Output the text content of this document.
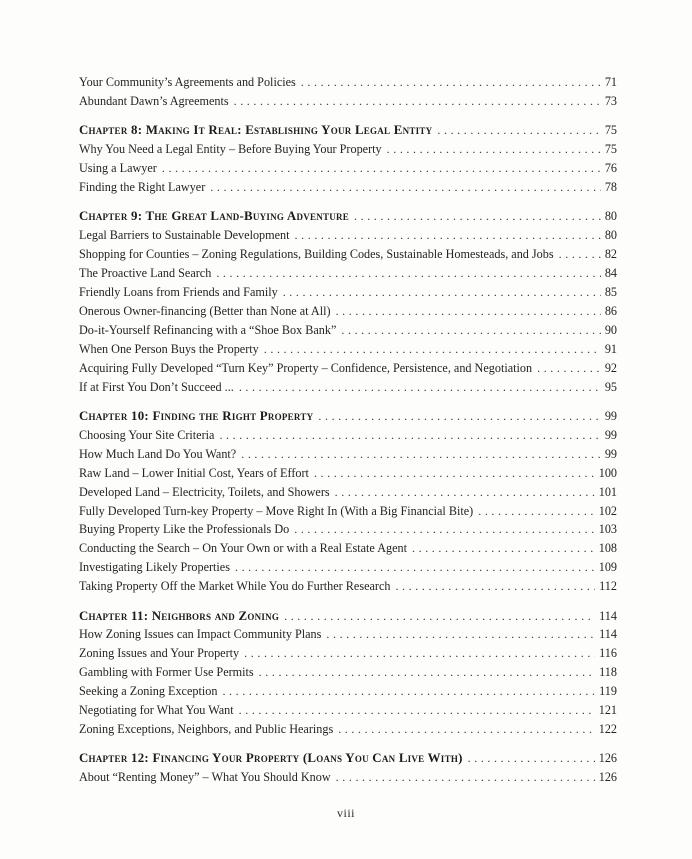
Your Community’s Agreements and Policies .....	71
Abundant Dawn’s Agreements .....	73
Chapter 8: Making It Real: Establishing Your Legal Entity .....	75
Why You Need a Legal Entity – Before Buying Your Property .....	75
Using a Lawyer .....	76
Finding the Right Lawyer .....	78
Chapter 9: The Great Land-Buying Adventure .....	80
Legal Barriers to Sustainable Development .....	80
Shopping for Counties – Zoning Regulations, Building Codes, Sustainable Homesteads, and Jobs .....	82
The Proactive Land Search .....	84
Friendly Loans from Friends and Family .....	85
Onerous Owner-financing (Better than None at All) .....	86
Do-it-Yourself Refinancing with a “Shoe Box Bank” .....	90
When One Person Buys the Property .....	91
Acquiring Fully Developed “Turn Key” Property – Confidence, Persistence, and Negotiation .....	92
If at First You Don’t Succeed ... .....	95
Chapter 10: Finding the Right Property .....	99
Choosing Your Site Criteria .....	99
How Much Land Do You Want? .....	99
Raw Land – Lower Initial Cost, Years of Effort .....	100
Developed Land – Electricity, Toilets, and Showers .....	101
Fully Developed Turn-key Property – Move Right In (With a Big Financial Bite) .....	102
Buying Property Like the Professionals Do .....	103
Conducting the Search – On Your Own or with a Real Estate Agent .....	108
Investigating Likely Properties .....	109
Taking Property Off the Market While You do Further Research .....	112
Chapter 11: Neighbors and Zoning .....	114
How Zoning Issues can Impact Community Plans .....	114
Zoning Issues and Your Property .....	116
Gambling with Former Use Permits .....	118
Seeking a Zoning Exception .....	119
Negotiating for What You Want .....	121
Zoning Exceptions, Neighbors, and Public Hearings .....	122
Chapter 12: Financing Your Property (Loans You Can Live With) .....	126
About “Renting Money” – What You Should Know .....	126
viii
